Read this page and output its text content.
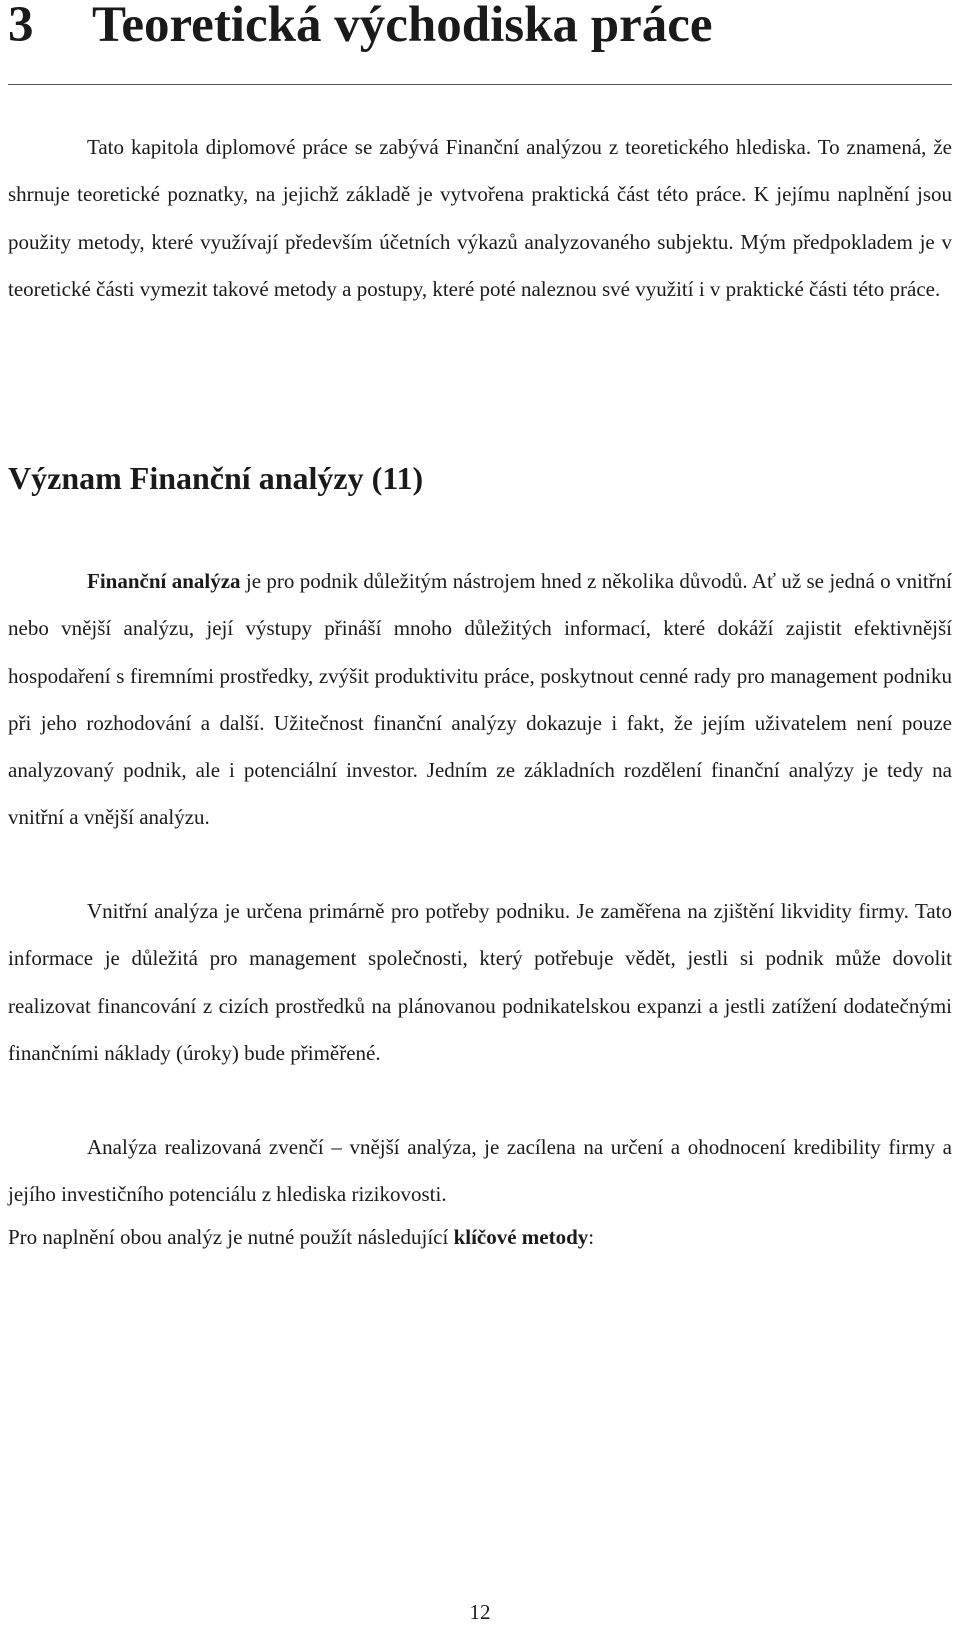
3 Teoretická východiska práce

Tato kapitola diplomové práce se zabývá Finanční analýzou z teoretického hlediska. To znamená, že shrnuje teoretické poznatky, na jejichž základě je vytvořena praktická část této práce. K jejímu naplnění jsou použity metody, které využívají především účetních výkazů analyzovaného subjektu. Mým předpokladem je v teoretické části vymezit takové metody a postupy, které poté naleznou své využití i v praktické části této práce.

Význam Finanční analýzy (11)

Finanční analýza je pro podnik důležitým nástrojem hned z několika důvodů. Ať už se jedná o vnitřní nebo vnější analýzu, její výstupy přináší mnoho důležitých informací, které dokáží zajistit efektivnější hospodaření s firemními prostředky, zvýšit produktivitu práce, poskytnout cenné rady pro management podniku při jeho rozhodování a další. Užitečnost finanční analýzy dokazuje i fakt, že jejím uživatelem není pouze analyzovaný podnik, ale i potenciální investor. Jedním ze základních rozdělení finanční analýzy je tedy na vnitřní a vnější analýzu.

Vnitřní analýza je určena primárně pro potřeby podniku. Je zaměřena na zjištění likvidity firmy. Tato informace je důležitá pro management společnosti, který potřebuje vědět, jestli si podnik může dovolit realizovat financování z cizích prostředků na plánovanou podnikatelskou expanzi a jestli zatížení dodatečnými finančními náklady (úroky) bude přiměřené.

Analýza realizovaná zvenčí – vnější analýza, je zacílena na určení a ohodnocení kredibility firmy a jejího investičního potenciálu z hlediska rizikovosti.

Pro naplnění obou analýz je nutné použít následující klíčové metody:

12
